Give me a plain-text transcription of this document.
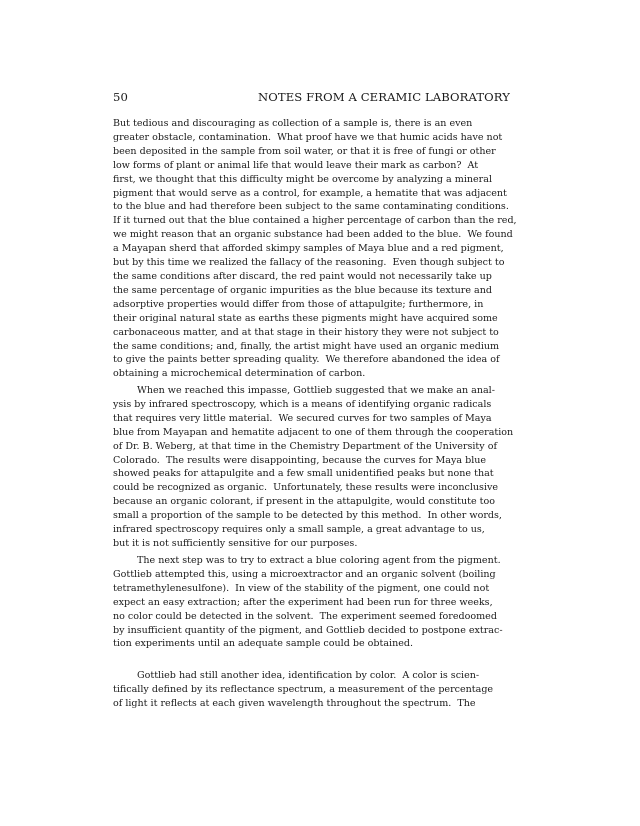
50	NOTES FROM A CERAMIC LABORATORY
But tedious and discouraging as collection of a sample is, there is an even
greater obstacle, contamination.  What proof have we that humic acids have not
been deposited in the sample from soil water, or that it is free of fungi or other
low forms of plant or animal life that would leave their mark as carbon?  At
first, we thought that this difficulty might be overcome by analyzing a mineral
pigment that would serve as a control, for example, a hematite that was adjacent
to the blue and had therefore been subject to the same contaminating conditions.
If it turned out that the blue contained a higher percentage of carbon than the red,
we might reason that an organic substance had been added to the blue.  We found
a Mayapan sherd that afforded skimpy samples of Maya blue and a red pigment,
but by this time we realized the fallacy of the reasoning.  Even though subject to
the same conditions after discard, the red paint would not necessarily take up
the same percentage of organic impurities as the blue because its texture and
adsorptive properties would differ from those of attapulgite; furthermore, in
their original natural state as earths these pigments might have acquired some
carbonaceous matter, and at that stage in their history they were not subject to
the same conditions; and, finally, the artist might have used an organic medium
to give the paints better spreading quality.  We therefore abandoned the idea of
obtaining a microchemical determination of carbon.
When we reached this impasse, Gottlieb suggested that we make an anal-
ysis by infrared spectroscopy, which is a means of identifying organic radicals
that requires very little material.  We secured curves for two samples of Maya
blue from Mayapan and hematite adjacent to one of them through the cooperation
of Dr. B. Weberg, at that time in the Chemistry Department of the University of
Colorado.  The results were disappointing, because the curves for Maya blue
showed peaks for attapulgite and a few small unidentified peaks but none that
could be recognized as organic.  Unfortunately, these results were inconclusive
because an organic colorant, if present in the attapulgite, would constitute too
small a proportion of the sample to be detected by this method.  In other words,
infrared spectroscopy requires only a small sample, a great advantage to us,
but it is not sufficiently sensitive for our purposes.
The next step was to try to extract a blue coloring agent from the pigment.
Gottlieb attempted this, using a microextractor and an organic solvent (boiling
tetramethylenesulfone).  In view of the stability of the pigment, one could not
expect an easy extraction; after the experiment had been run for three weeks,
no color could be detected in the solvent.  The experiment seemed foredoomed
by insufficient quantity of the pigment, and Gottlieb decided to postpone extrac-
tion experiments until an adequate sample could be obtained.
Gottlieb had still another idea, identification by color.  A color is scien-
tifically defined by its reflectance spectrum, a measurement of the percentage
of light it reflects at each given wavelength throughout the spectrum.  The
